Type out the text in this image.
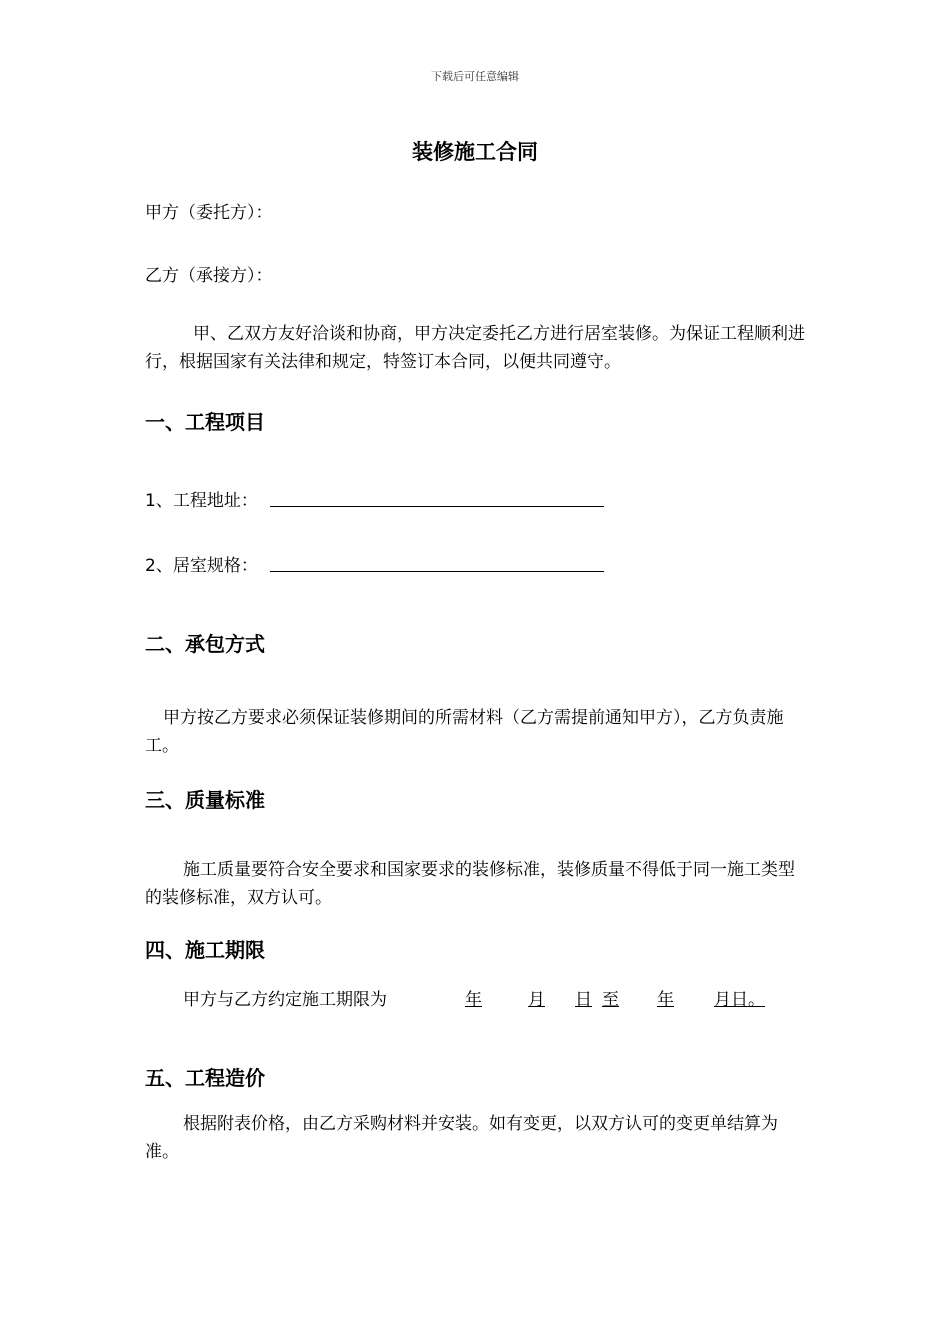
下载后可任意编辑
装修施工合同
甲方（委托方）：
乙方（承接方）：
甲、乙双方友好洽谈和协商，甲方决定委托乙方进行居室装修。为保证工程顺利进行，根据国家有关法律和规定，特签订本合同，以便共同遵守。
一、工程项目
1、工程地址：
2、居室规格：
二、承包方式
甲方按乙方要求必须保证装修期间的所需材料（乙方需提前通知甲方），乙方负责施工。
三、质量标准
施工质量要符合安全要求和国家要求的装修标准，装修质量不得低于同一施工类型的装修标准，双方认可。
四、施工期限
甲方与乙方约定施工期限为	年	月 日 至 年 月日。
五、工程造价
根据附表价格，由乙方采购材料并安装。如有变更，以双方认可的变更单结算为准。
